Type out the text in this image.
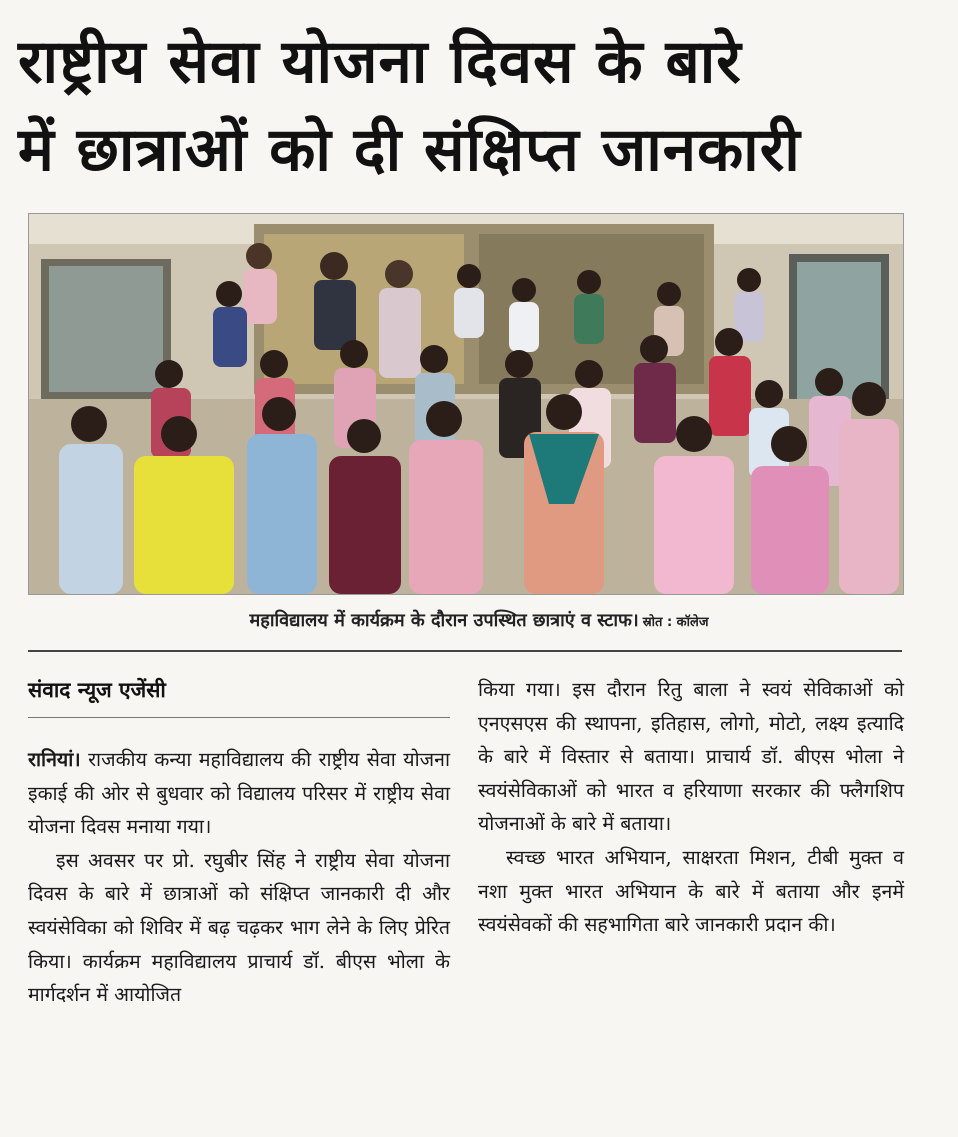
राष्ट्रीय सेवा योजना दिवस के बारे
में छात्राओं को दी संक्षिप्त जानकारी
महाविद्यालय में कार्यक्रम के दौरान उपस्थित छात्राएं व स्टाफ। स्रोत : कॉलेज
संवाद न्यूज एजेंसी

रानियां। राजकीय कन्या महाविद्यालय की राष्ट्रीय सेवा योजना इकाई की ओर से बुधवार को विद्यालय परिसर में राष्ट्रीय सेवा योजना दिवस मनाया गया।

इस अवसर पर प्रो. रघुबीर सिंह ने राष्ट्रीय सेवा योजना दिवस के बारे में छात्राओं को संक्षिप्त जानकारी दी और स्वयंसेविका को शिविर में बढ़ चढ़कर भाग लेने के लिए प्रेरित किया। कार्यक्रम महाविद्यालय प्राचार्य डॉ. बीएस भोला के मार्गदर्शन में आयोजित

किया गया। इस दौरान रितु बाला ने स्वयं सेविकाओं को एनएसएस की स्थापना, इतिहास, लोगो, मोटो, लक्ष्य इत्यादि के बारे में विस्तार से बताया। प्राचार्य डॉ. बीएस भोला ने स्वयंसेविकाओं को भारत व हरियाणा सरकार की फ्लैगशिप योजनाओं के बारे में बताया।

स्वच्छ भारत अभियान, साक्षरता मिशन, टीबी मुक्त व नशा मुक्त भारत अभियान के बारे में बताया और इनमें स्वयंसेवकों की सहभागिता बारे जानकारी प्रदान की।
